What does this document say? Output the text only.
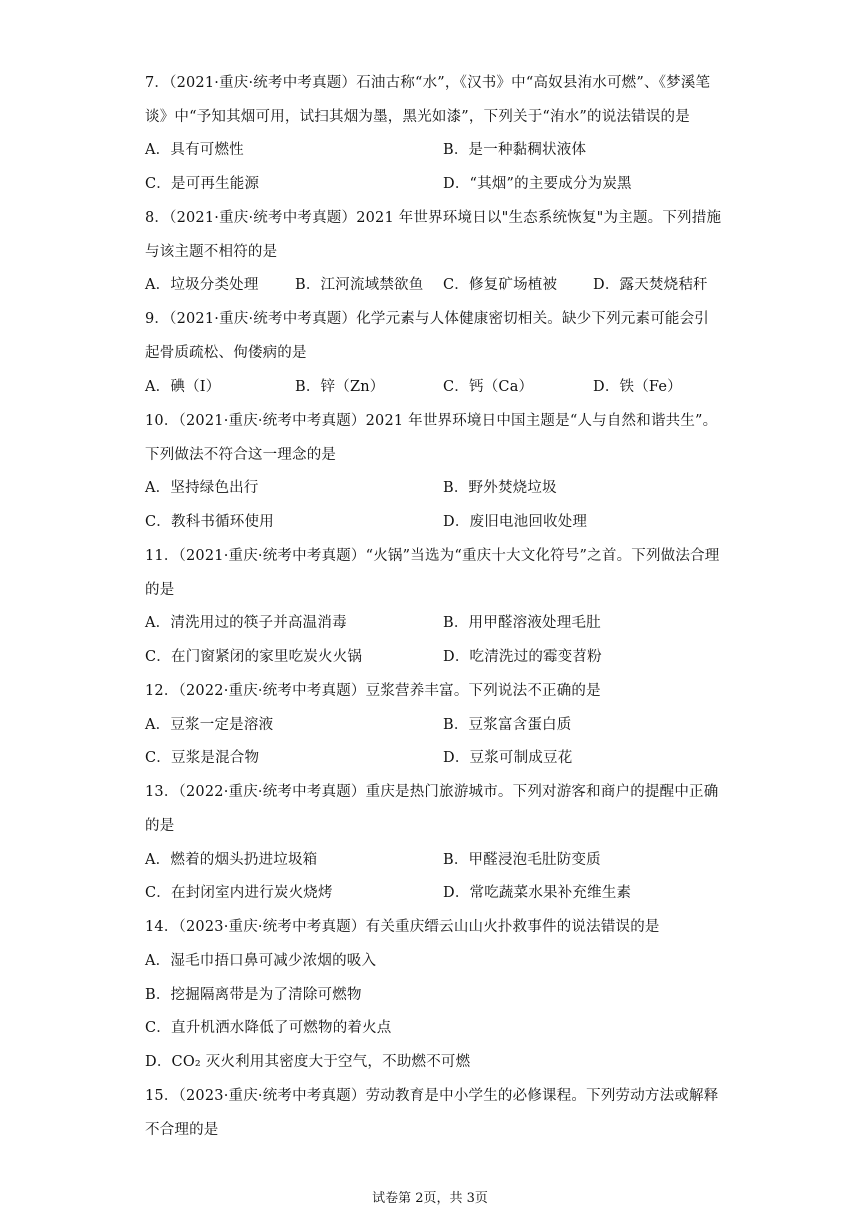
7．（2021·重庆·统考中考真题）石油古称“水”，《汉书》中“高奴县洧水可燃”、《梦溪笔
谈》中“予知其烟可用，试扫其烟为墨，黑光如漆”，下列关于“洧水”的说法错误的是
A．具有可燃性	B．是一种黏稠状液体
C．是可再生能源	D．“其烟”的主要成分为炭黑
8．（2021·重庆·统考中考真题）2021 年世界环境日以"生态系统恢复"为主题。下列措施
与该主题不相符的是
A．垃圾分类处理	B．江河流域禁欲鱼 C．修复矿场植被 D．露天焚烧秸秆
9．（2021·重庆·统考中考真题）化学元素与人体健康密切相关。缺少下列元素可能会引
起骨质疏松、佝偻病的是
A．碘（I）	B．锌（Zn）	C．钙（Ca）	D．铁（Fe）
10．（2021·重庆·统考中考真题）2021 年世界环境日中国主题是“人与自然和谐共生”。
下列做法不符合这一理念的是
A．坚持绿色出行	B．野外焚烧垃圾
C．教科书循环使用	D．废旧电池回收处理
11．（2021·重庆·统考中考真题）“火锅”当选为“重庆十大文化符号”之首。下列做法合理
的是
A．清洗用过的筷子并高温消毒	B．用甲醛溶液处理毛肚
C．在门窗紧闭的家里吃炭火火锅	D．吃清洗过的霉变苕粉
12．（2022·重庆·统考中考真题）豆浆营养丰富。下列说法不正确的是
A．豆浆一定是溶液	B．豆浆富含蛋白质
C．豆浆是混合物	D．豆浆可制成豆花
13．（2022·重庆·统考中考真题）重庆是热门旅游城市。下列对游客和商户的提醒中正确
的是
A．燃着的烟头扔进垃圾箱	B．甲醛浸泡毛肚防变质
C．在封闭室内进行炭火烧烤	D．常吃蔬菜水果补充维生素
14．（2023·重庆·统考中考真题）有关重庆缙云山山火扑救事件的说法错误的是
A．湿毛巾捂口鼻可减少浓烟的吸入
B．挖掘隔离带是为了清除可燃物
C．直升机洒水降低了可燃物的着火点
D．CO₂ 灭火利用其密度大于空气，不助燃不可燃
15．（2023·重庆·统考中考真题）劳动教育是中小学生的必修课程。下列劳动方法或解释
不合理的是
试卷第 2页，共 3页
